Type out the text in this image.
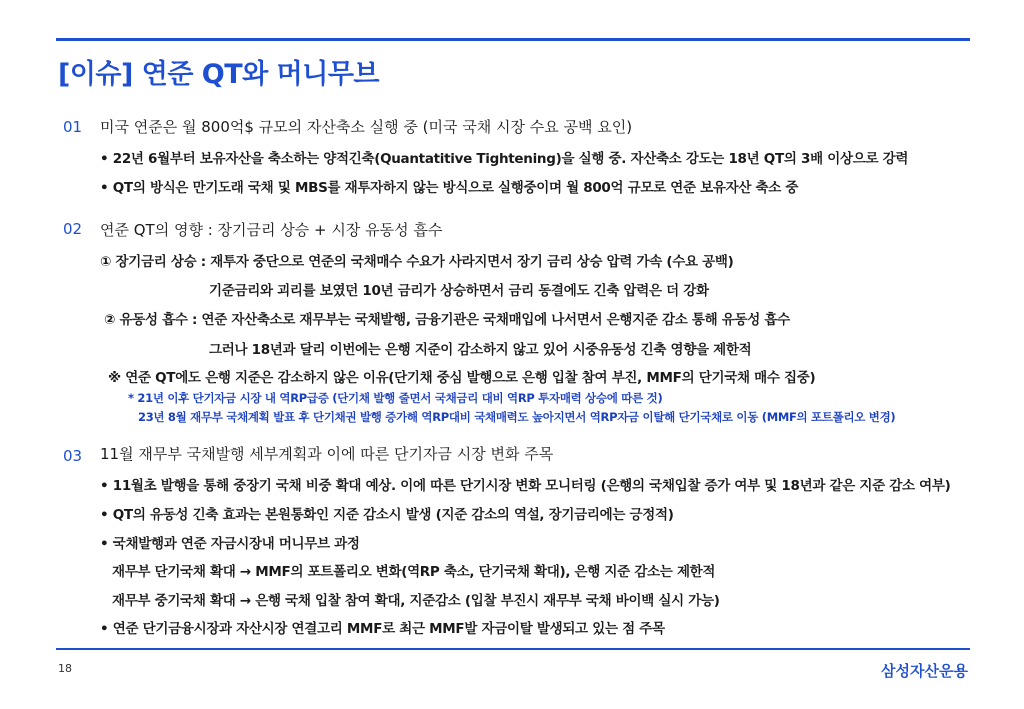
[이슈] 연준 QT와 머니무브
01 미국 연준은 월 800억$ 규모의 자산축소 실행 중 (미국 국채 시장 수요 공백 요인)
• 22년 6월부터 보유자산을 축소하는 양적긴축(Quantatitive Tightening)을 실행 중. 자산축소 강도는 18년 QT의 3배 이상으로 강력
• QT의 방식은 만기도래 국채 및 MBS를 재투자하지 않는 방식으로 실행중이며 월 800억 규모로 연준 보유자산 축소 중
02 연준 QT의 영향 : 장기금리 상승 + 시장 유동성 흡수
① 장기금리 상승 : 재투자 중단으로 연준의 국채매수 수요가 사라지면서 장기 금리 상승 압력 가속 (수요 공백)
기준금리와 괴리를 보였던 10년 금리가 상승하면서 금리 동결에도 긴축 압력은 더 강화
② 유동성 흡수 : 연준 자산축소로 재무부는 국채발행, 금융기관은 국채매입에 나서면서 은행지준 감소 통해 유동성 흡수
그러나 18년과 달리 이번에는 은행 지준이 감소하지 않고 있어 시중유동성 긴축 영향을 제한적
※ 연준 QT에도 은행 지준은 감소하지 않은 이유(단기채 중심 발행으로 은행 입찰 참여 부진, MMF의 단기국채 매수 집중)
* 21년 이후 단기자금 시장 내 역RP급증 (단기채 발행 줄면서 국채금리 대비 역RP 투자매력 상승에 따른 것)
23년 8월 재무부 국채계획 발표 후 단기채권 발행 증가해 역RP대비 국채매력도 높아지면서 역RP자금 이탈해 단기국채로 이동 (MMF의 포트폴리오 변경)
03 11월 재무부 국채발행 세부계획과 이에 따른 단기자금 시장 변화 주목
• 11월초 발행을 통해 중장기 국채 비중 확대 예상. 이에 따른 단기시장 변화 모니터링 (은행의 국채입찰 증가 여부 및 18년과 같은 지준 감소 여부)
• QT의 유동성 긴축 효과는 본원통화인 지준 감소시 발생 (지준 감소의 역설, 장기금리에는 긍정적)
• 국채발행과 연준 자금시장내 머니무브 과정
재무부 단기국채 확대 → MMF의 포트폴리오 변화(역RP 축소, 단기국채 확대), 은행 지준 감소는 제한적
재무부 중기국채 확대 → 은행 국채 입찰 참여 확대, 지준감소 (입찰 부진시 재무부 국채 바이백 실시 가능)
• 연준 단기금융시장과 자산시장 연결고리 MMF로 최근 MMF발 자금이탈 발생되고 있는 점 주목
18	삼성자산운용
